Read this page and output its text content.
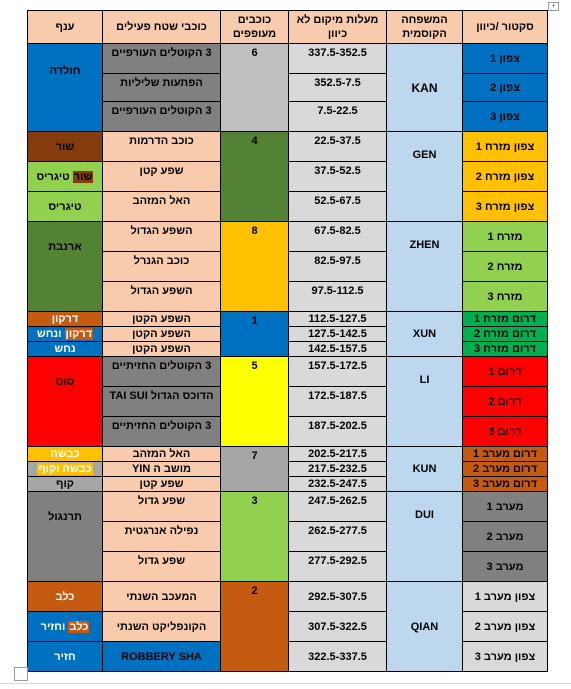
+
סקטור /כיוון	המשפחה הקוסמית	מעלות מיקום לא כיוון	כוכבים מעופפים	כוכבי שטח פעילים	ענף
צפון 1	KAN	337.5-352.5	6	3 הקוטלים העורפיים	חולדה

צפון 2		352.5-7.5		הפתעות שליליות	
צפון 3		7.5-22.5		3 הקוטלים העורפיים	
צפון מזרח 1	GEN	22.5-37.5	4	כוכב הדרמות	שור
צפון מזרח 2		37.5-52.5		שפע קטן	שור טיגריס
צפון מזרח 3		52.5-67.5		האל המזהב	טיגריס
מזרח 1	ZHEN	67.5-82.5	8	השפע הגדול	ארנבת

מזרח 2		82.5-97.5		כוכב הגנרל	
מזרח 3		97.5-112.5		השפע הגדול	
דרום מזרח 1	XUN	112.5-127.5	1	השפע הקטן	דרקון
דרום מזרח 2		127.5-142.5		השפע הקטן	דרקון ונחש
דרום מזרח 3		142.5-157.5		השפע הקטן	נחש
דרום 1	LI	157.5-172.5	5	3 הקוטלים החזיתיים	סוס

דרום 2		172.5-187.5		הדוכס הגדול TAI SUI	
דרום 3		187.5-202.5		3 הקוטלים החזיתיים	
דרום מערב 1	KUN	202.5-217.5	7	האל המזהב	כבשה
דרום מערב 2		217.5-232.5		מושב ה YIN	כבשה וקוף
דרום מערב 3		232.5-247.5		שפע קטן	קוף
מערב 1	DUI	247.5-262.5	3	שפע גדול	תרנגול

מערב 2		262.5-277.5		נפילה אנרגטית	
מערב 3		277.5-292.5		שפע גדול	
צפון מערב 1	QIAN	292.5-307.5	2	המעכב השנתי	כלב
צפון מערב 2		307.5-322.5		הקונפליקט השנתי	כלב וחזיר
צפון מערב 3		322.5-337.5		ROBBERY SHA	חזיר
